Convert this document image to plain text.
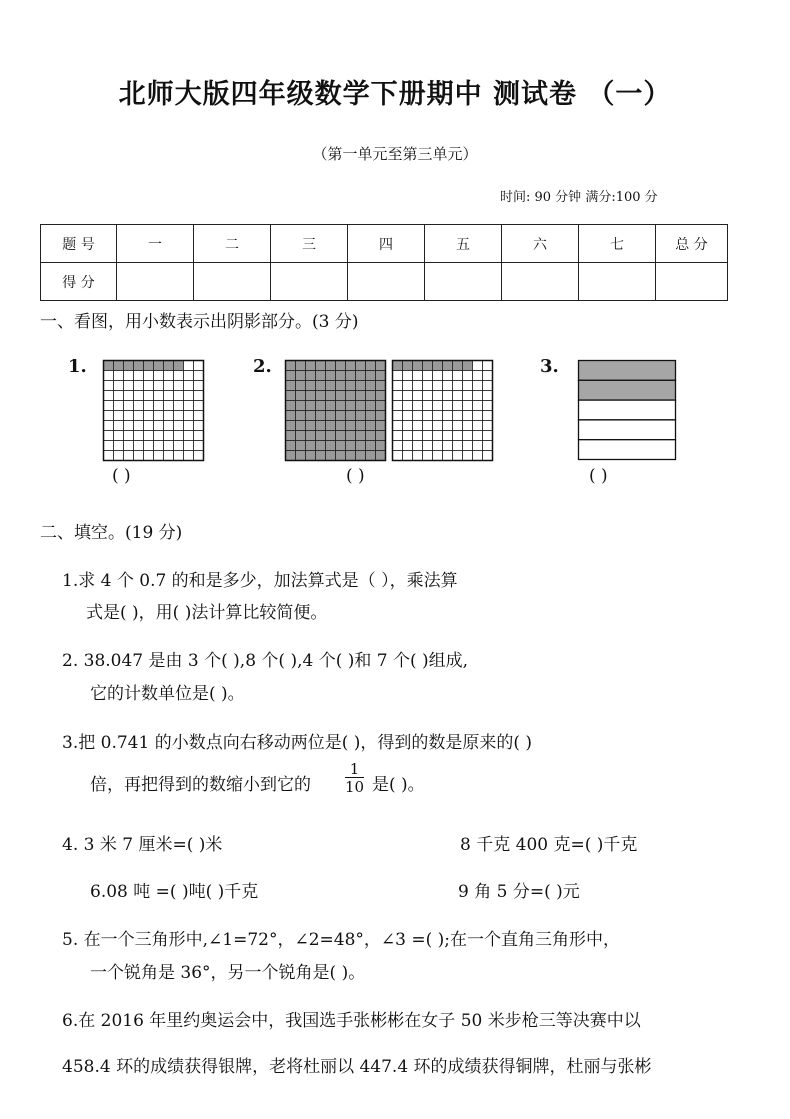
北师大版四年级数学下册期中 测试卷 （一）
（第一单元至第三单元）
时间: 90 分钟 满分:100 分
题 号	一	二	三	四	五	六	七	总 分
得 分								
一、看图，用小数表示出阴影部分。(3 分)
1.	2.	3.
( )	( )	( )
二、填空。(19 分)
1.求 4 个 0.7 的和是多少，加法算式是（ ），乘法算
式是( )，用( )法计算比较简便。
2. 38.047 是由 3 个( ),8 个( ),4 个( )和 7 个( )组成,
它的计数单位是( )。
3.把 0.741 的小数点向右移动两位是( )，得到的数是原来的( )
倍，再把得到的数缩小到它的 $\frac{1}{10}$ 是( )。
4. 3 米 7 厘米=( )米	8 千克 400 克=( )千克
6.08 吨 =( )吨( )千克	9 角 5 分=( )元
5. 在一个三角形中,∠1=72°，∠2=48°，∠3 =( );在一个直角三角形中，
一个锐角是 36°，另一个锐角是( )。
6.在 2016 年里约奥运会中，我国选手张彬彬在女子 50 米步枪三等决赛中以
458.4 环的成绩获得银牌，老将杜丽以 447.4 环的成绩获得铜牌，杜丽与张彬
